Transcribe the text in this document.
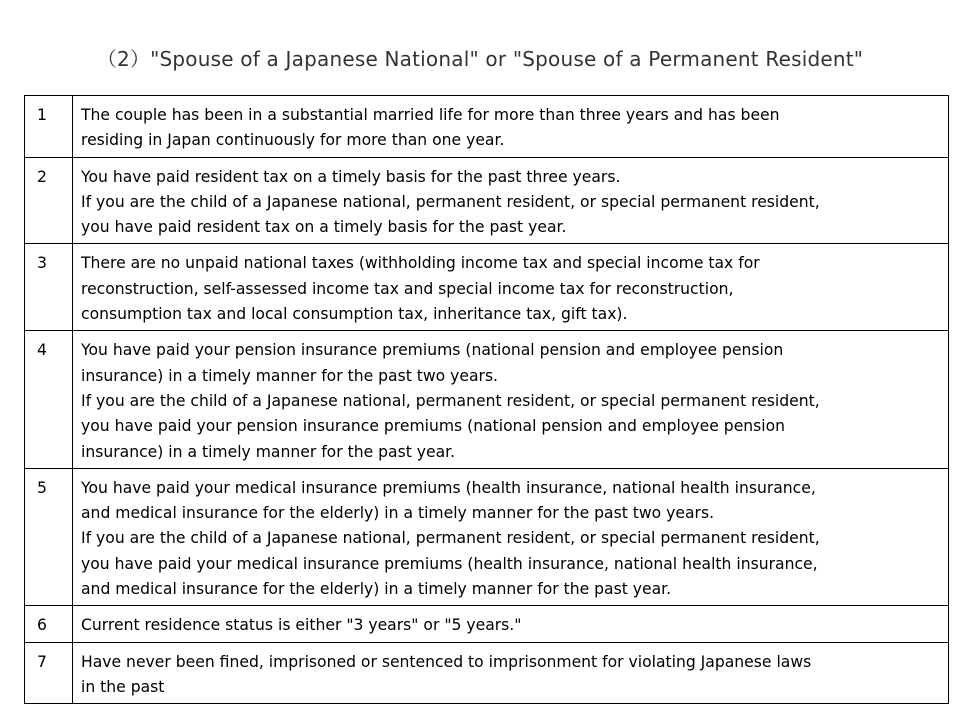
（2）"Spouse of a Japanese National" or "Spouse of a Permanent Resident"
1	The couple has been in a substantial married life for more than three years and has been
residing in Japan continuously for more than one year.

2	You have paid resident tax on a timely basis for the past three years.
If you are the child of a Japanese national, permanent resident, or special permanent resident,
you have paid resident tax on a timely basis for the past year.

3	There are no unpaid national taxes (withholding income tax and special income tax for
reconstruction, self-assessed income tax and special income tax for reconstruction,
consumption tax and local consumption tax, inheritance tax, gift tax).

4	You have paid your pension insurance premiums (national pension and employee pension
insurance) in a timely manner for the past two years.
If you are the child of a Japanese national, permanent resident, or special permanent resident,
you have paid your pension insurance premiums (national pension and employee pension
insurance) in a timely manner for the past year.

5	You have paid your medical insurance premiums (health insurance, national health insurance,
and medical insurance for the elderly) in a timely manner for the past two years.
If you are the child of a Japanese national, permanent resident, or special permanent resident,
you have paid your medical insurance premiums (health insurance, national health insurance,
and medical insurance for the elderly) in a timely manner for the past year.

6	Current residence status is either "3 years" or "5 years."

7	Have never been fined, imprisoned or sentenced to imprisonment for violating Japanese laws
in the past
